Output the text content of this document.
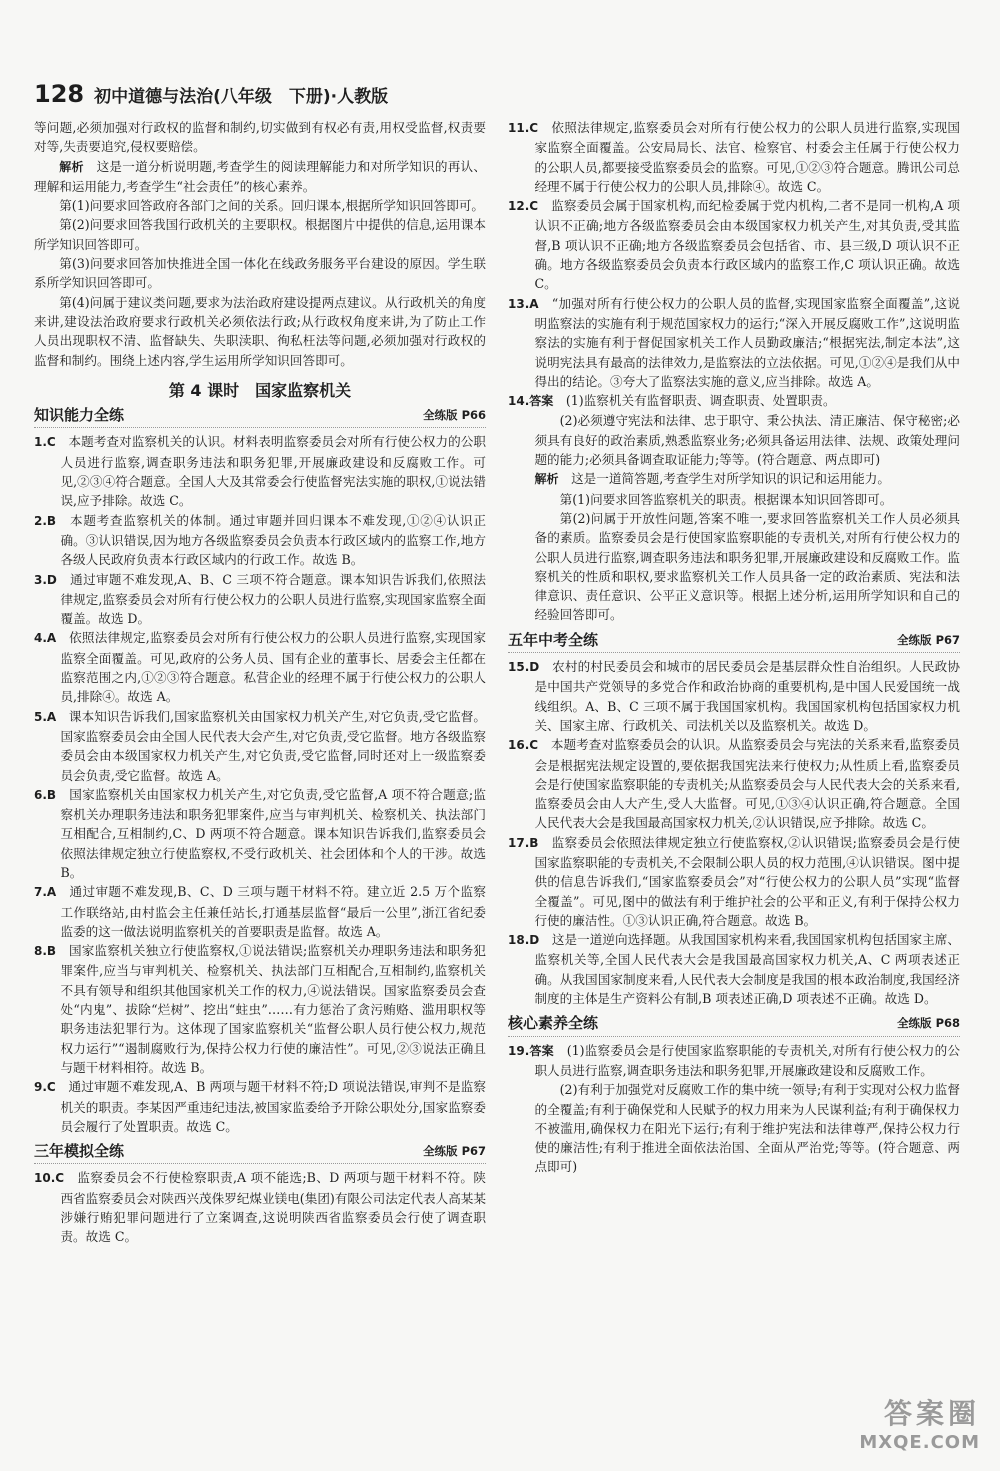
128 初中道德与法治(八年级　下册)·人教版

等问题,必须加强对行政权的监督和制约,切实做到有权必有责,用权受监督,权责要对等,失责要追究,侵权要赔偿。

解析　 这是一道分析说明题,考查学生的阅读理解能力和对所学知识的再认、理解和运用能力,考查学生“社会责任”的核心素养。

第(1)问要求回答政府各部门之间的关系。回归课本,根据所学知识回答即可。

第(2)问要求回答我国行政机关的主要职权。根据图片中提供的信息,运用课本所学知识回答即可。

第(3)问要求回答加快推进全国一体化在线政务服务平台建设的原因。学生联系所学知识回答即可。

第(4)问属于建议类问题,要求为法治政府建设提两点建议。从行政机关的角度来讲,建设法治政府要求行政机关必须依法行政;从行政权角度来讲,为了防止工作人员出现职权不清、监督缺失、失职渎职、徇私枉法等问题,必须加强对行政权的监督和制约。围绕上述内容,学生运用所学知识回答即可。

第 4 课时　国家监察机关
知识能力全练	全练版 P66

1.C　 本题考查对监察机关的认识。材料表明监察委员会对所有行使公权力的公职人员进行监察,调查职务违法和职务犯罪,开展廉政建设和反腐败工作。可见,②③④符合题意。全国人大及其常委会行使监督宪法实施的职权,①说法错误,应予排除。故选 C。

2.B　 本题考查监察机关的体制。通过审题并回归课本不难发现,①②④认识正确。③认识错误,因为地方各级监察委员会负责本行政区域内的监察工作,地方各级人民政府负责本行政区域内的行政工作。故选 B。

3.D　 通过审题不难发现,A、B、C 三项不符合题意。课本知识告诉我们,依照法律规定,监察委员会对所有行使公权力的公职人员进行监察,实现国家监察全面覆盖。故选 D。

4.A　 依照法律规定,监察委员会对所有行使公权力的公职人员进行监察,实现国家监察全面覆盖。可见,政府的公务人员、国有企业的董事长、居委会主任都在监察范围之内,①②③符合题意。私营企业的经理不属于行使公权力的公职人员,排除④。故选 A。

5.A　 课本知识告诉我们,国家监察机关由国家权力机关产生,对它负责,受它监督。国家监察委员会由全国人民代表大会产生,对它负责,受它监督。地方各级监察委员会由本级国家权力机关产生,对它负责,受它监督,同时还对上一级监察委员会负责,受它监督。故选 A。

6.B　 国家监察机关由国家权力机关产生,对它负责,受它监督,A 项不符合题意;监察机关办理职务违法和职务犯罪案件,应当与审判机关、检察机关、执法部门互相配合,互相制约,C、D 两项不符合题意。课本知识告诉我们,监察委员会依照法律规定独立行使监察权,不受行政机关、社会团体和个人的干涉。故选 B。

7.A　 通过审题不难发现,B、C、D 三项与题干材料不符。建立近 2.5 万个监察工作联络站,由村监会主任兼任站长,打通基层监督“最后一公里”,浙江省纪委监委的这一做法说明监察机关的首要职责是监督。故选 A。

8.B　 国家监察机关独立行使监察权,①说法错误;监察机关办理职务违法和职务犯罪案件,应当与审判机关、检察机关、执法部门互相配合,互相制约,监察机关不具有领导和组织其他国家机关工作的权力,④说法错误。国家监察委员会查处“内鬼”、拔除“烂树”、挖出“蛀虫”……有力惩治了贪污贿赂、滥用职权等职务违法犯罪行为。这体现了国家监察机关“监督公职人员行使公权力,规范权力运行”“遏制腐败行为,保持公权力行使的廉洁性”。可见,②③说法正确且与题干材料相符。故选 B。

9.C　 通过审题不难发现,A、B 两项与题干材料不符;D 项说法错误,审判不是监察机关的职责。李某因严重违纪违法,被国家监委给予开除公职处分,国家监察委员会履行了处置职责。故选 C。

三年模拟全练	全练版 P67

10.C　 监察委员会不行使检察职责,A 项不能选;B、D 两项与题干材料不符。陕西省监察委员会对陕西兴茂侏罗纪煤业镁电(集团)有限公司法定代表人高某某涉嫌行贿犯罪问题进行了立案调查,这说明陕西省监察委员会行使了调查职责。故选 C。

11.C　 依照法律规定,监察委员会对所有行使公权力的公职人员进行监察,实现国家监察全面覆盖。公安局局长、法官、检察官、村委会主任属于行使公权力的公职人员,都要接受监察委员会的监察。可见,①②③符合题意。腾讯公司总经理不属于行使公权力的公职人员,排除④。故选 C。

12.C　 监察委员会属于国家机构,而纪检委属于党内机构,二者不是同一机构,A 项认识不正确;地方各级监察委员会由本级国家权力机关产生,对其负责,受其监督,B 项认识不正确;地方各级监察委员会包括省、市、县三级,D 项认识不正确。地方各级监察委员会负责本行政区域内的监察工作,C 项认识正确。故选 C。

13.A　 “加强对所有行使公权力的公职人员的监督,实现国家监察全面覆盖”,这说明监察法的实施有利于规范国家权力的运行;“深入开展反腐败工作”,这说明监察法的实施有利于督促国家机关工作人员勤政廉洁;“根据宪法,制定本法”,这说明宪法具有最高的法律效力,是监察法的立法依据。可见,①②④是我们从中得出的结论。③夸大了监察法实施的意义,应当排除。故选 A。

14.答案　 (1)监察机关有监督职责、调查职责、处置职责。

(2)必须遵守宪法和法律、忠于职守、秉公执法、清正廉洁、保守秘密;必须具有良好的政治素质,熟悉监察业务;必须具备运用法律、法规、政策处理问题的能力;必须具备调查取证能力;等等。(符合题意、两点即可)

解析　 这是一道简答题,考查学生对所学知识的识记和运用能力。

第(1)问要求回答监察机关的职责。根据课本知识回答即可。

第(2)问属于开放性问题,答案不唯一,要求回答监察机关工作人员必须具备的素质。监察委员会是行使国家监察职能的专责机关,对所有行使公权力的公职人员进行监察,调查职务违法和职务犯罪,开展廉政建设和反腐败工作。监察机关的性质和职权,要求监察机关工作人员具备一定的政治素质、宪法和法律意识、责任意识、公平正义意识等。根据上述分析,运用所学知识和自己的经验回答即可。

五年中考全练	全练版 P67

15.D　 农村的村民委员会和城市的居民委员会是基层群众性自治组织。人民政协是中国共产党领导的多党合作和政治协商的重要机构,是中国人民爱国统一战线组织。A、B、C 三项不属于我国国家机构。我国国家机构包括国家权力机关、国家主席、行政机关、司法机关以及监察机关。故选 D。

16.C　 本题考查对监察委员会的认识。从监察委员会与宪法的关系来看,监察委员会是根据宪法规定设置的,要依据我国宪法来行使权力;从性质上看,监察委员会是行使国家监察职能的专责机关;从监察委员会与人民代表大会的关系来看,监察委员会由人大产生,受人大监督。可见,①③④认识正确,符合题意。全国人民代表大会是我国最高国家权力机关,②认识错误,应予排除。故选 C。

17.B　 监察委员会依照法律规定独立行使监察权,②认识错误;监察委员会是行使国家监察职能的专责机关,不会限制公职人员的权力范围,④认识错误。图中提供的信息告诉我们,“国家监察委员会”对“行使公权力的公职人员”实现“监督全覆盖”。可见,图中的做法有利于维护社会的公平和正义,有利于保持公权力行使的廉洁性。①③认识正确,符合题意。故选 B。

18.D　 这是一道逆向选择题。从我国国家机构来看,我国国家机构包括国家主席、监察机关等,全国人民代表大会是我国最高国家权力机关,A、C 两项表述正确。从我国国家制度来看,人民代表大会制度是我国的根本政治制度,我国经济制度的主体是生产资料公有制,B 项表述正确,D 项表述不正确。故选 D。

核心素养全练	全练版 P68

19.答案　 (1)监察委员会是行使国家监察职能的专责机关,对所有行使公权力的公职人员进行监察,调查职务违法和职务犯罪,开展廉政建设和反腐败工作。

(2)有利于加强党对反腐败工作的集中统一领导;有利于实现对公权力监督的全覆盖;有利于确保党和人民赋予的权力用来为人民谋利益;有利于确保权力不被滥用,确保权力在阳光下运行;有利于维护宪法和法律尊严,保持公权力行使的廉洁性;有利于推进全面依法治国、全面从严治党;等等。(符合题意、两点即可)

答案圈
MXQE.COM
